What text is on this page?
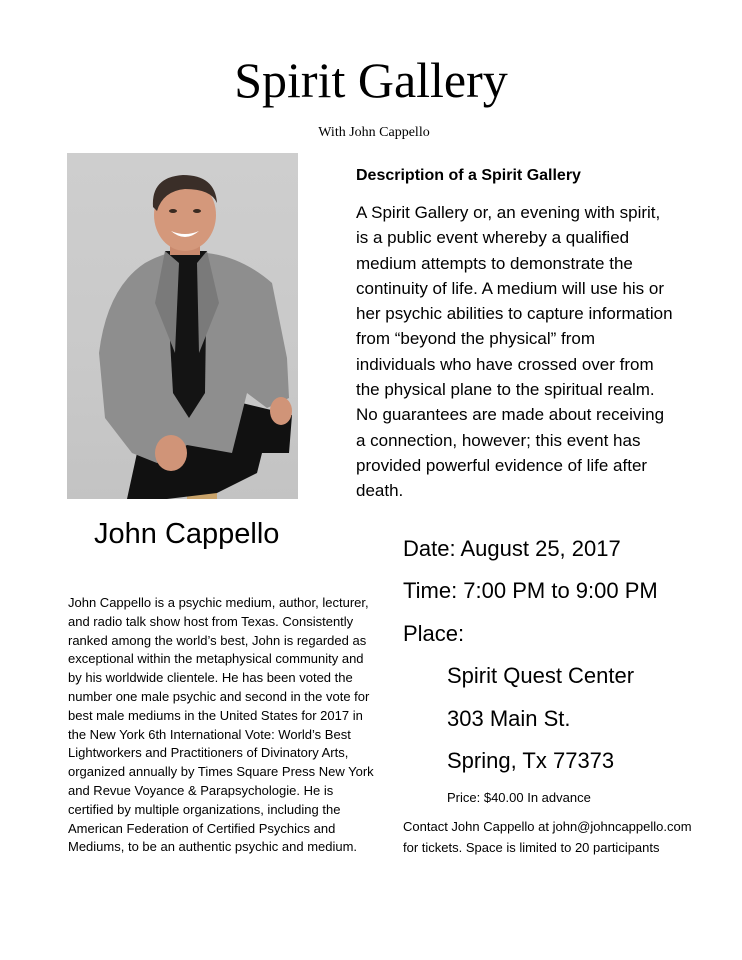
Spirit Gallery
With John Cappello
John Cappello
John Cappello is a psychic medium, author, lecturer, and radio talk show host from Texas. Consistently ranked among the world’s best, John is regarded as exceptional within the metaphysical community and by his worldwide clientele. He has been voted the number one male psychic and second in the vote for best male mediums in the United States for 2017 in the New York 6th International Vote: World’s Best Lightworkers and Practitioners of Divinatory Arts, organized annually by Times Square Press New York and Revue Voyance & Parapsychologie. He is certified by multiple organizations, including the American Federation of Certified Psychics and Mediums, to be an authentic psychic and medium.
Description of a Spirit Gallery
A Spirit Gallery or, an evening with spirit, is a public event whereby a qualified medium attempts to demonstrate the continuity of life. A medium will use his or her psychic abilities to capture information from “beyond the physical” from individuals who have crossed over from the physical plane to the spiritual realm. No guarantees are made about receiving a connection, however; this event has provided powerful evidence of life after death.
Date: August 25, 2017
Time: 7:00 PM to 9:00 PM
Place:
Spirit Quest Center
303 Main St.
Spring, Tx 77373
Price: $40.00 In advance
Contact John Cappello at john@johncappello.com for tickets. Space is limited to 20 participants
